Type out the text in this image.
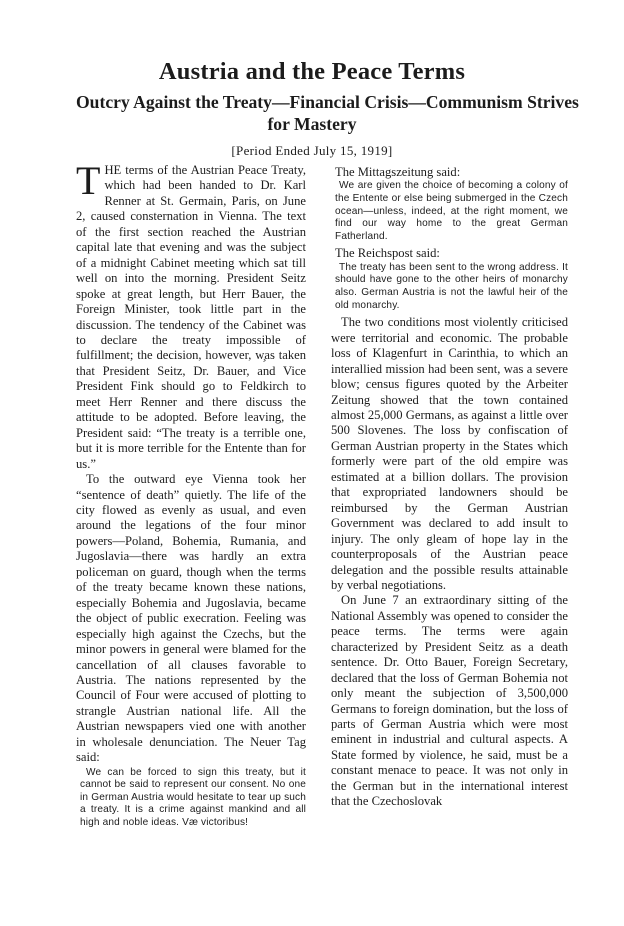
Austria and the Peace Terms
Outcry Against the Treaty—Financial Crisis—Communism Strives
for Mastery
[Period Ended July 15, 1919]

THE terms of the Austrian Peace Treaty, which had been handed to Dr. Karl Renner at St. Germain, Paris, on June 2, caused consternation in Vienna. The text of the first section reached the Austrian capital late that evening and was the subject of a midnight Cabinet meeting which sat till well on into the morning. President Seitz spoke at great length, but Herr Bauer, the Foreign Minister, took little part in the discussion. The tendency of the Cabinet was to declare the treaty impossible of fulfillment; the decision, however, w̧as taken that President Seitz, Dr. Bauer, and Vice President Fink should go to Feldkirch to meet Herr Renner and there discuss the attitude to be adopted. Before leaving, the President said: “The treaty is a terrible one, but it is more terrible for the Entente than for us.”

To the outward eye Vienna took her “sentence of death” quietly. The life of the city flowed as evenly as usual, and even around the legations of the four minor powers—Poland, Bohemia, Rumania, and Jugoslavia—there was hardly an extra policeman on guard, though when the terms of the treaty became known these nations, especially Bohemia and Jugoslavia, became the object of public execration. Feeling was especially high against the Czechs, but the minor powers in general were blamed for the cancellation of all clauses favorable to Austria. The nations represented by the Council of Four were accused of plotting to strangle Austrian national life. All the Austrian newspapers vied one with another in wholesale denunciation. The Neuer Tag said:

We can be forced to sign this treaty, but it cannot be said to represent our consent. No one in German Austria would hesitate to tear up such a treaty. It is a crime against mankind and all high and noble ideas. Væ victoribus!

The Mittagszeitung said:

We are given the choice of becoming a colony of the Entente or else being submerged in the Czech ocean—unless, indeed, at the right moment, we find our way home to the great German Fatherland.

The Reichspost said:

The treaty has been sent to the wrong address. It should have gone to the other heirs of monarchy also. German Austria is not the lawful heir of the old monarchy.

The two conditions most violently criticised were territorial and economic. The probable loss of Klagenfurt in Carinthia, to which an interallied mission had been sent, was a severe blow; census figures quoted by the Arbeiter Zeitung showed that the town contained almost 25,000 Germans, as against a little over 500 Slovenes. The loss by confiscation of German Austrian property in the States which formerly were part of the old empire was estimated at a billion dollars. The provision that expropriated landowners should be reimbursed by the German Austrian Government was declared to add insult to injury. The only gleam of hope lay in the counterproposals of the Austrian peace delegation and the possible results attainable by verbal negotiations.

On June 7 an extraordinary sitting of the National Assembly was opened to consider the peace terms. The terms were again characterized by President Seitz as a death sentence. Dr. Otto Bauer, Foreign Secretary, declared that the loss of German Bohemia not only meant the subjection of 3,500,000 Germans to foreign domination, but the loss of parts of German Austria which were most eminent in industrial and cultural aspects. A State formed by violence, he said, must be a constant menace to peace. It was not only in the German but in the international interest that the Czechoslovak
